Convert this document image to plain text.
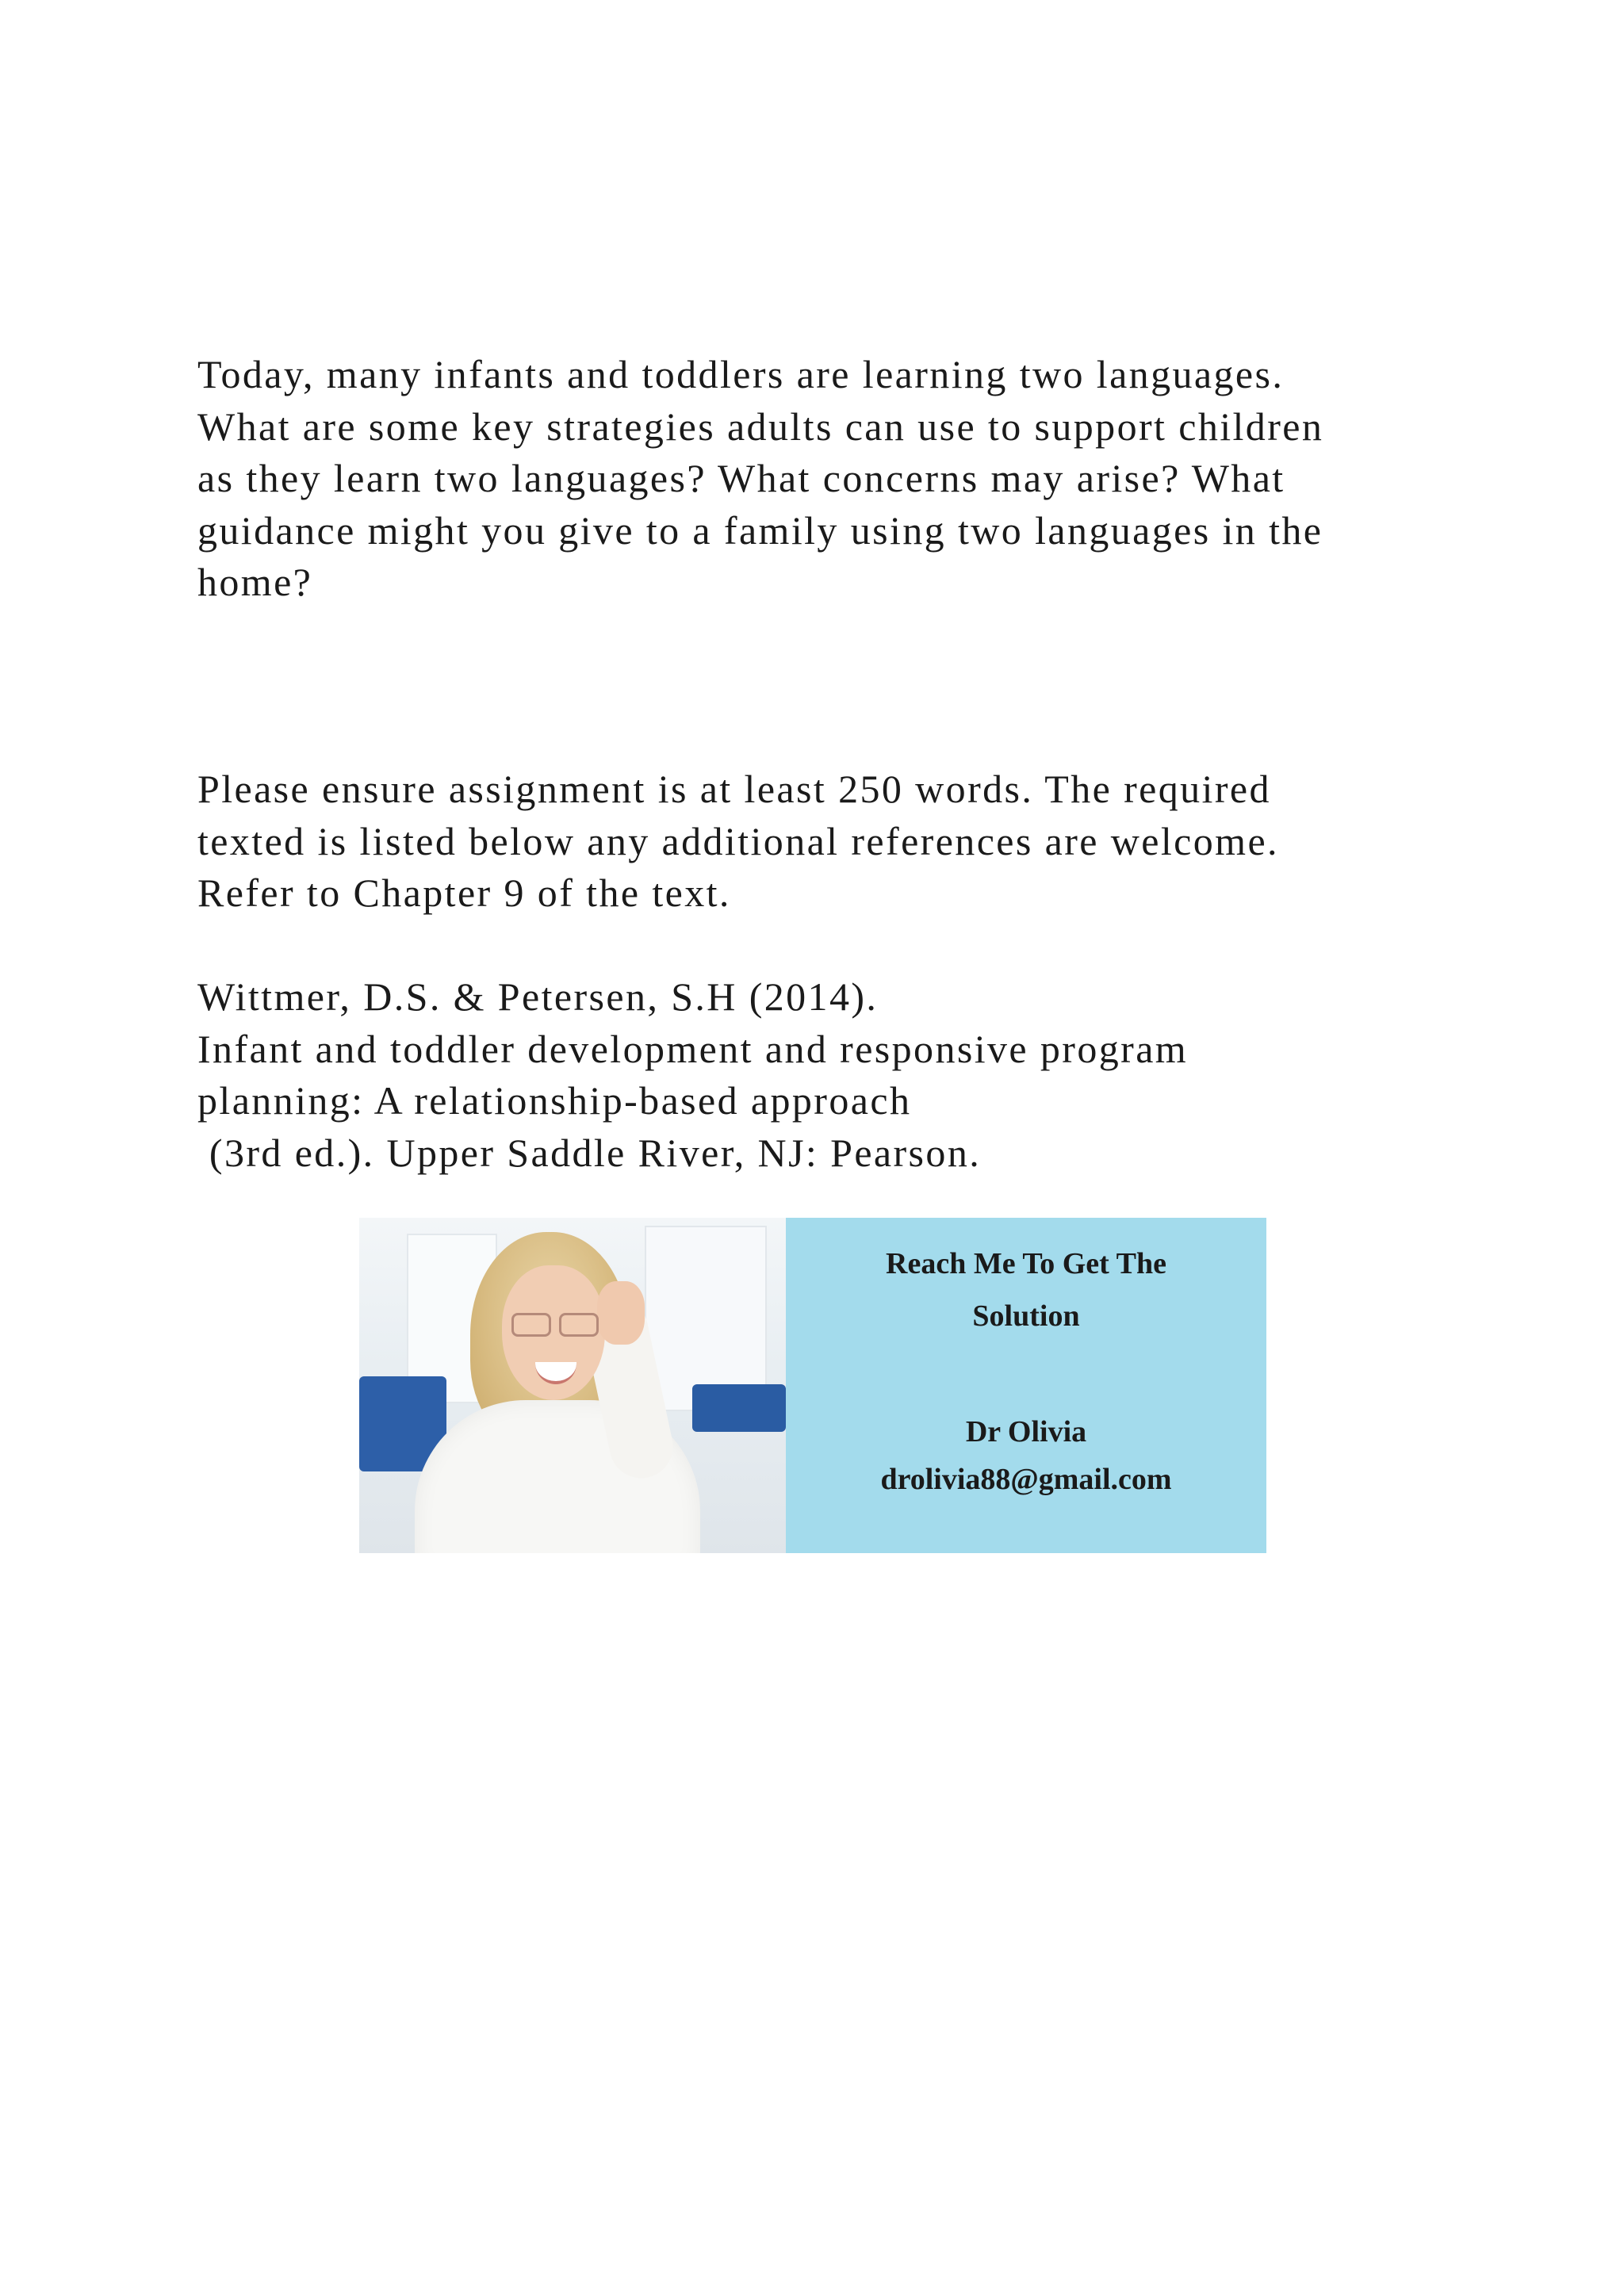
Today, many infants and toddlers are learning two languages.
What are some key strategies adults can use to support children
as they learn two languages? What concerns may arise? What
guidance might you give to a family using two languages in the
home?
Please ensure assignment is at least 250 words. The required
texted is listed below any additional references are welcome.
Refer to Chapter 9 of the text.
Wittmer, D.S. & Petersen, S.H (2014).
Infant and toddler development and responsive program
planning: A relationship-based approach
(3rd ed.). Upper Saddle River, NJ: Pearson.
Reach Me To Get The
Solution
Dr Olivia
drolivia88@gmail.com
